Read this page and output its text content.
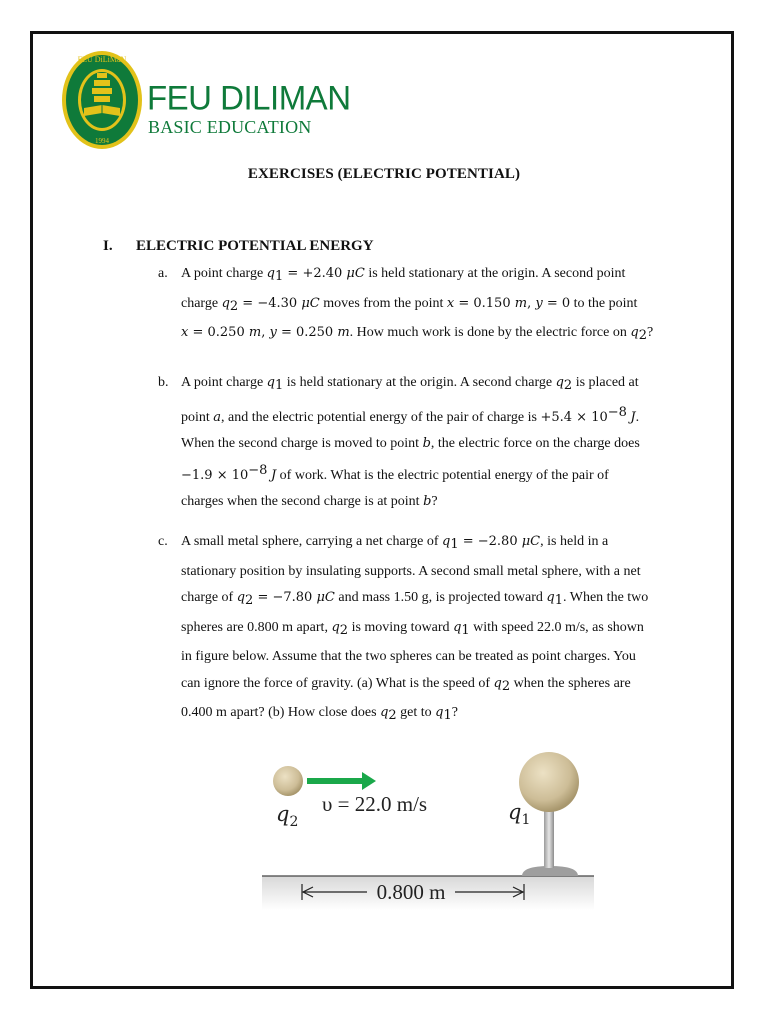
FEU DiLiMaN
1994
FEU DILIMAN
BASIC EDUCATION
EXERCISES (ELECTRIC POTENTIAL)
I. ELECTRIC POTENTIAL ENERGY
a. A point charge $q_1 = +2.40$ μC is held stationary at the origin. A second point
charge $q_2 = -4.30$ μC moves from the point x = 0.150 m, y = 0 to the point
x = 0.250 m, y = 0.250 m. How much work is done by the electric force on $q_2$?
b. A point charge $q_1$ is held stationary at the origin. A second charge $q_2$ is placed at
point a, and the electric potential energy of the pair of charge is $+5.4 \times 10^{-8}$ J.
When the second charge is moved to point b, the electric force on the charge does
$-1.9 \times 10^{-8}$ J of work. What is the electric potential energy of the pair of
charges when the second charge is at point b?
c. A small metal sphere, carrying a net charge of $q_1 = -2.80$ μC, is held in a
stationary position by insulating supports. A second small metal sphere, with a net
charge of $q_2 = -7.80$ μC and mass 1.50 g, is projected toward $q_1$. When the two
spheres are 0.800 m apart, $q_2$ is moving toward $q_1$ with speed 22.0 m/s, as shown
in figure below. Assume that the two spheres can be treated as point charges. You
can ignore the force of gravity. (a) What is the speed of $q_2$ when the spheres are
0.400 m apart? (b) How close does $q_2$ get to $q_1$?
$q_2$
υ = 22.0 m/s	$q_1$
0.800 m
